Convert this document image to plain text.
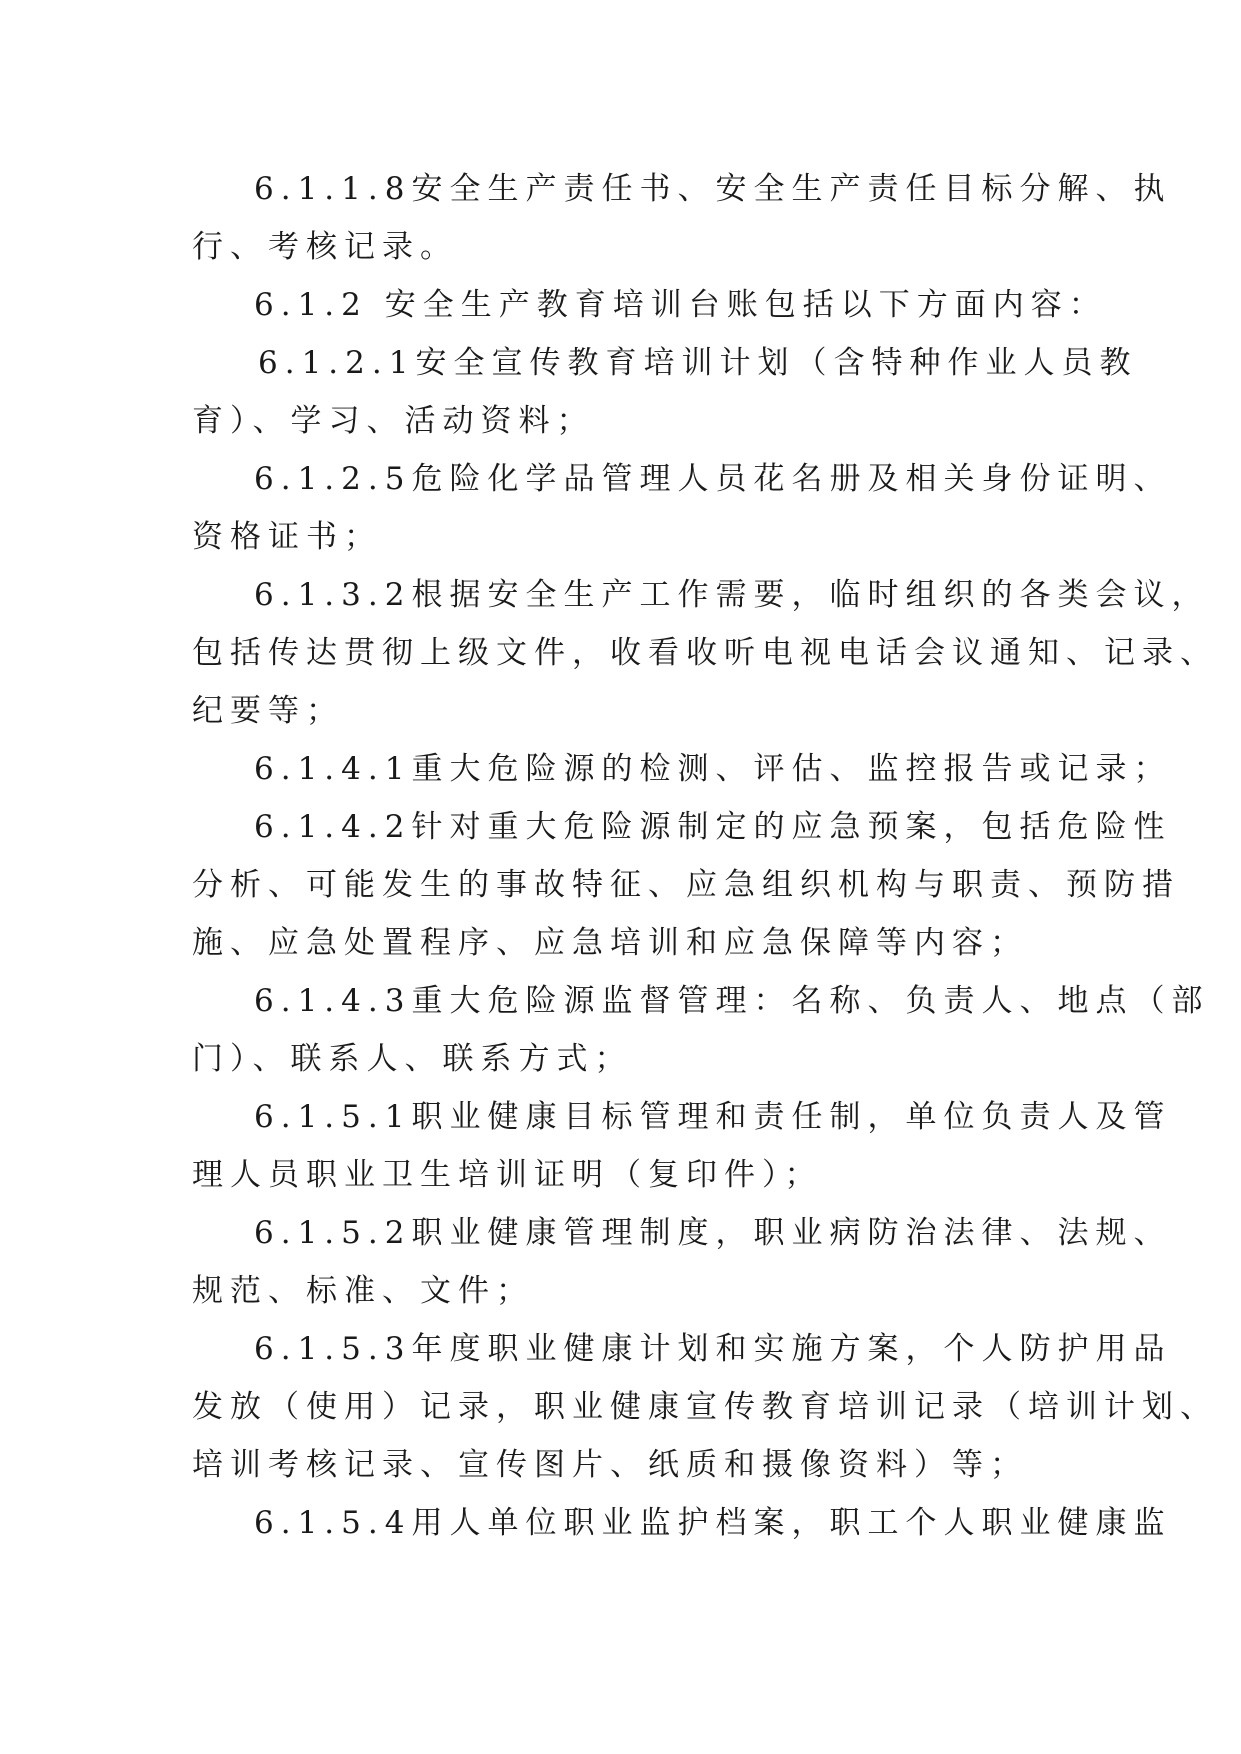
6.1.1.8安全生产责任书、安全生产责任目标分解、执
行、考核记录。
6.1.2 安全生产教育培训台账包括以下方面内容：
6.1.2.1安全宣传教育培训计划（含特种作业人员教
育）、学习、活动资料；
6.1.2.5危险化学品管理人员花名册及相关身份证明、
资格证书；
6.1.3.2根据安全生产工作需要，临时组织的各类会议，
包括传达贯彻上级文件，收看收听电视电话会议通知、记录、
纪要等；
6.1.4.1重大危险源的检测、评估、监控报告或记录；
6.1.4.2针对重大危险源制定的应急预案，包括危险性
分析、可能发生的事故特征、应急组织机构与职责、预防措
施、应急处置程序、应急培训和应急保障等内容；
6.1.4.3重大危险源监督管理：名称、负责人、地点（部
门）、联系人、联系方式；
6.1.5.1职业健康目标管理和责任制，单位负责人及管
理人员职业卫生培训证明（复印件）；
6.1.5.2职业健康管理制度，职业病防治法律、法规、
规范、标准、文件；
6.1.5.3年度职业健康计划和实施方案，个人防护用品
发放（使用）记录，职业健康宣传教育培训记录（培训计划、
培训考核记录、宣传图片、纸质和摄像资料）等；
6.1.5.4用人单位职业监护档案，职工个人职业健康监
